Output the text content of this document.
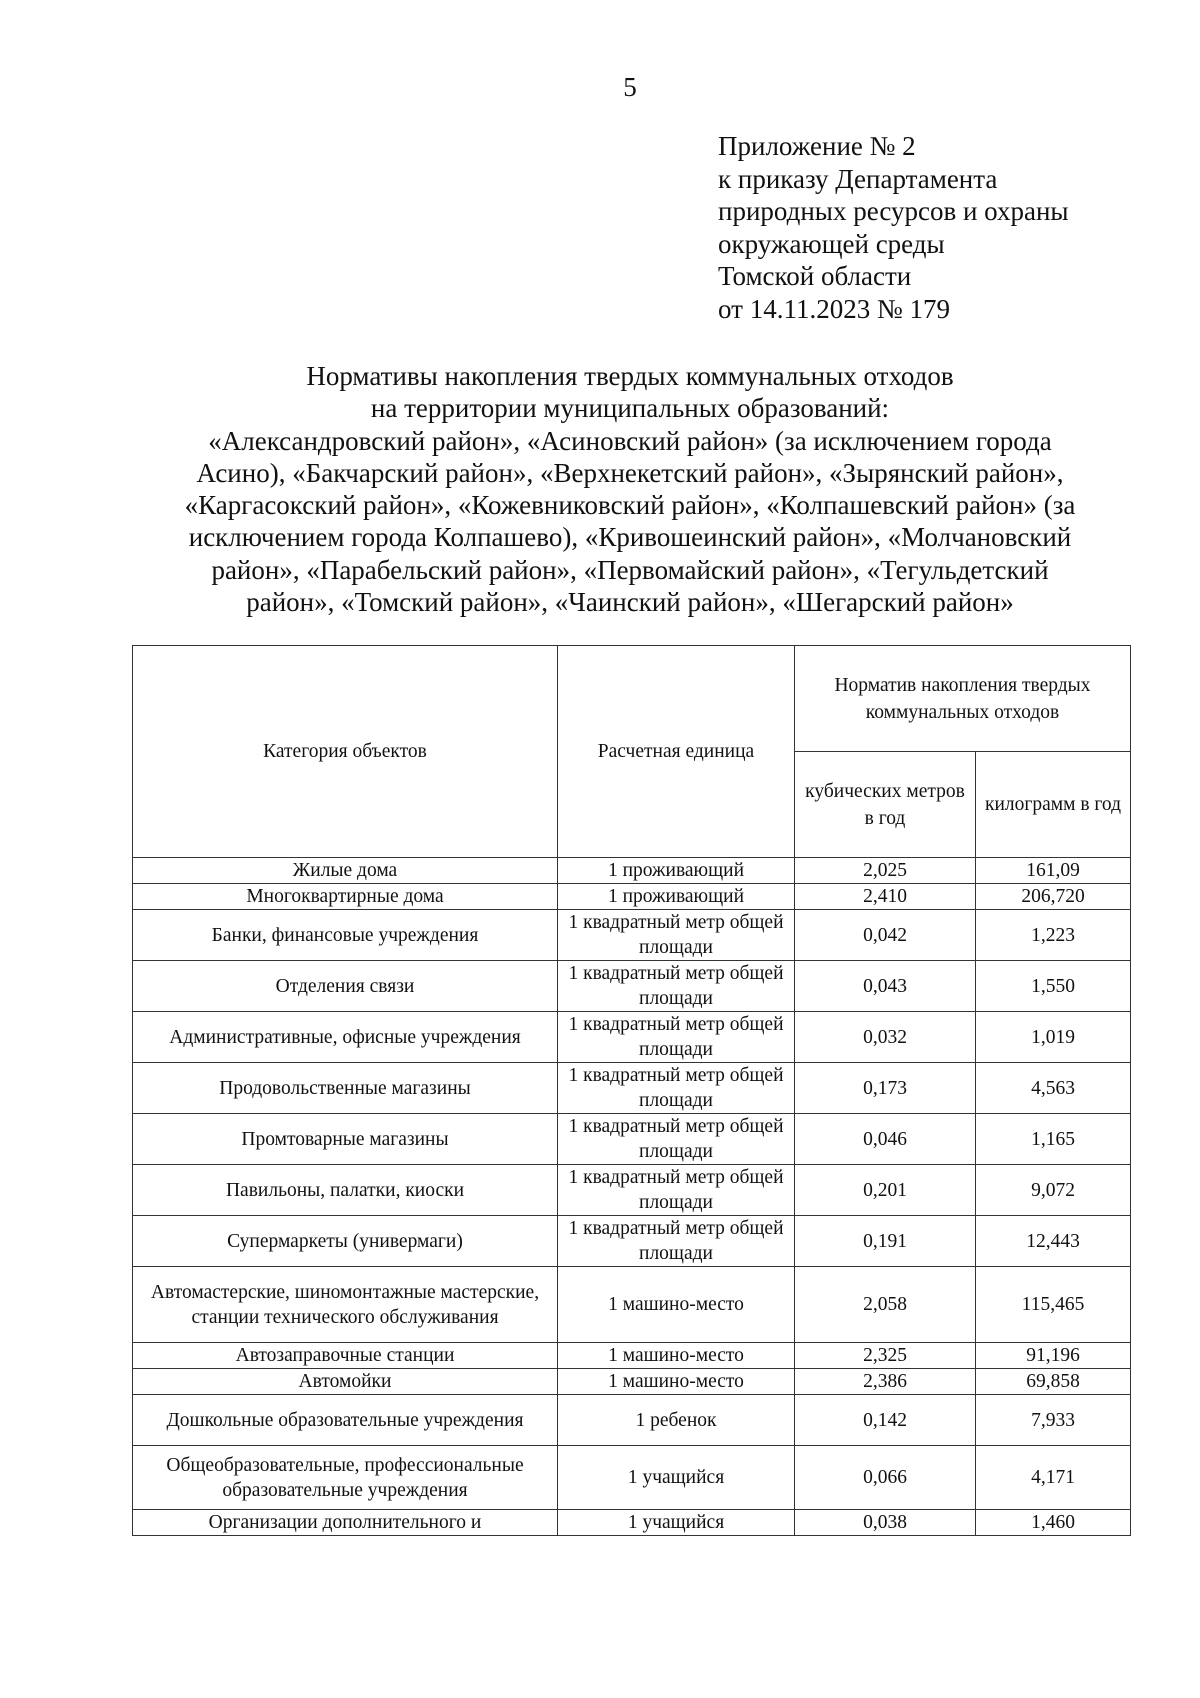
5
Приложение № 2
к приказу Департамента
природных ресурсов и охраны
окружающей среды
Томской области
от 14.11.2023 № 179
Нормативы накопления твердых коммунальных отходов
на территории муниципальных образований:
«Александровский район», «Асиновский район» (за исключением города
Асино), «Бакчарский район», «Верхнекетский район», «Зырянский район»,
«Каргасокский район», «Кожевниковский район», «Колпашевский район» (за
исключением города Колпашево), «Кривошеинский район», «Молчановский
район», «Парабельский район», «Первомайский район», «Тегульдетский
район», «Томский район», «Чаинский район», «Шегарский район»
Категория объектов	Расчетная единица	Норматив накопления твердых коммунальных отходов	
		кубических метров в год	килограмм в год
Жилые дома	1 проживающий	2,025	161,09
Многоквартирные дома	1 проживающий	2,410	206,720
Банки, финансовые учреждения	1 квадратный метр общей площади	0,042	1,223
Отделения связи	1 квадратный метр общей площади	0,043	1,550
Административные, офисные учреждения	1 квадратный метр общей площади	0,032	1,019
Продовольственные магазины	1 квадратный метр общей площади	0,173	4,563
Промтоварные магазины	1 квадратный метр общей площади	0,046	1,165
Павильоны, палатки, киоски	1 квадратный метр общей площади	0,201	9,072
Супермаркеты (универмаги)	1 квадратный метр общей площади	0,191	12,443
Автомастерские, шиномонтажные мастерские, станции технического обслуживания	1 машино-место	2,058	115,465
Автозаправочные станции	1 машино-место	2,325	91,196
Автомойки	1 машино-место	2,386	69,858
Дошкольные образовательные учреждения	1 ребенок	0,142	7,933
Общеобразовательные, профессиональные образовательные учреждения	1 учащийся	0,066	4,171
Организации дополнительного и	1 учащийся	0,038	1,460
